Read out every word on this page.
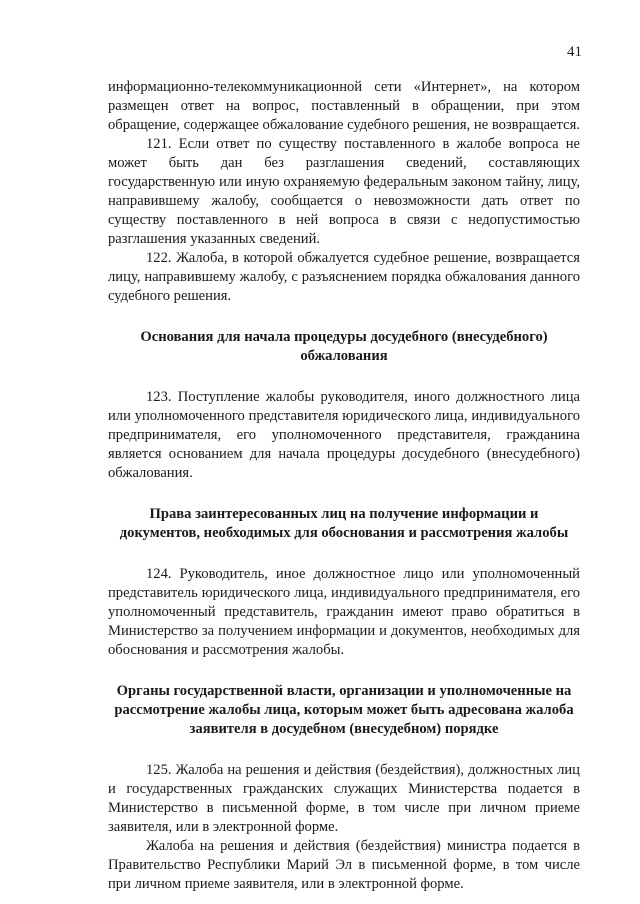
41

информационно-телекоммуникационной сети «Интернет», на котором размещен ответ на вопрос, поставленный в обращении, при этом обращение, содержащее обжалование судебного решения, не возвращается.

121. Если ответ по существу поставленного в жалобе вопроса не может быть дан без разглашения сведений, составляющих государственную или иную охраняемую федеральным законом тайну, лицу, направившему жалобу, сообщается о невозможности дать ответ по существу поставленного в ней вопроса в связи с недопустимостью разглашения указанных сведений.

122. Жалоба, в которой обжалуется судебное решение, возвращается лицу, направившему жалобу, с разъяснением порядка обжалования данного судебного решения.

Основания для начала процедуры досудебного (внесудебного) обжалования

123. Поступление жалобы руководителя, иного должностного лица или уполномоченного представителя юридического лица, индивидуального предпринимателя, его уполномоченного представителя, гражданина является основанием для начала процедуры досудебного (внесудебного) обжалования.

Права заинтересованных лиц на получение информации и документов, необходимых для обоснования и рассмотрения жалобы

124. Руководитель, иное должностное лицо или уполномоченный представитель юридического лица, индивидуального предпринимателя, его уполномоченный представитель, гражданин имеют право обратиться в Министерство за получением информации и документов, необходимых для обоснования и рассмотрения жалобы.

Органы государственной власти, организации и уполномоченные на рассмотрение жалобы лица, которым может быть адресована жалоба заявителя в досудебном (внесудебном) порядке

125. Жалоба на решения и действия (бездействия), должностных лиц и государственных гражданских служащих Министерства подается в Министерство в письменной форме, в том числе при личном приеме заявителя, или в электронной форме.

Жалоба на решения и действия (бездействия) министра подается в Правительство Республики Марий Эл в письменной форме, в том числе при личном приеме заявителя, или в электронной форме.
